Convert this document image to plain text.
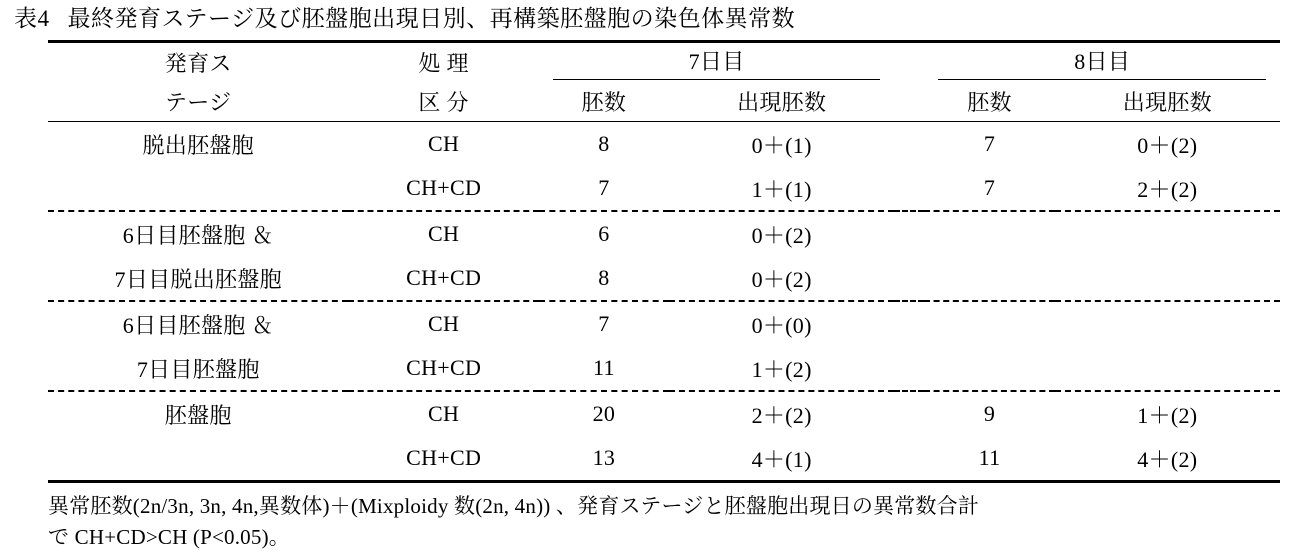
表4 最終発育ステージ及び胚盤胞出現日別、再構築胚盤胞の染色体異常数
発育ス	処 理	7日目			8日目	

テージ	区 分	胚数	出現胚数		胚数	出現胚数
脱出胚盤胞	CH	8	0＋(1)		7	0＋(2)
	CH+CD	7	1＋(1)		7	2＋(2)
6日目胚盤胞 ＆	CH	6	0＋(2)			
7日目脱出胚盤胞	CH+CD	8	0＋(2)			
6日目胚盤胞 ＆	CH	7	0＋(0)			
7日目胚盤胞	CH+CD	11	1＋(2)			
胚盤胞	CH	20	2＋(2)		9	1＋(2)
	CH+CD	13	4＋(1)		11	4＋(2)
異常胚数(2n/3n, 3n, 4n,異数体)＋(Mixploidy 数(2n, 4n)) 、発育ステージと胚盤胞出現日の異常数合計
で CH+CD>CH (P<0.05)。
